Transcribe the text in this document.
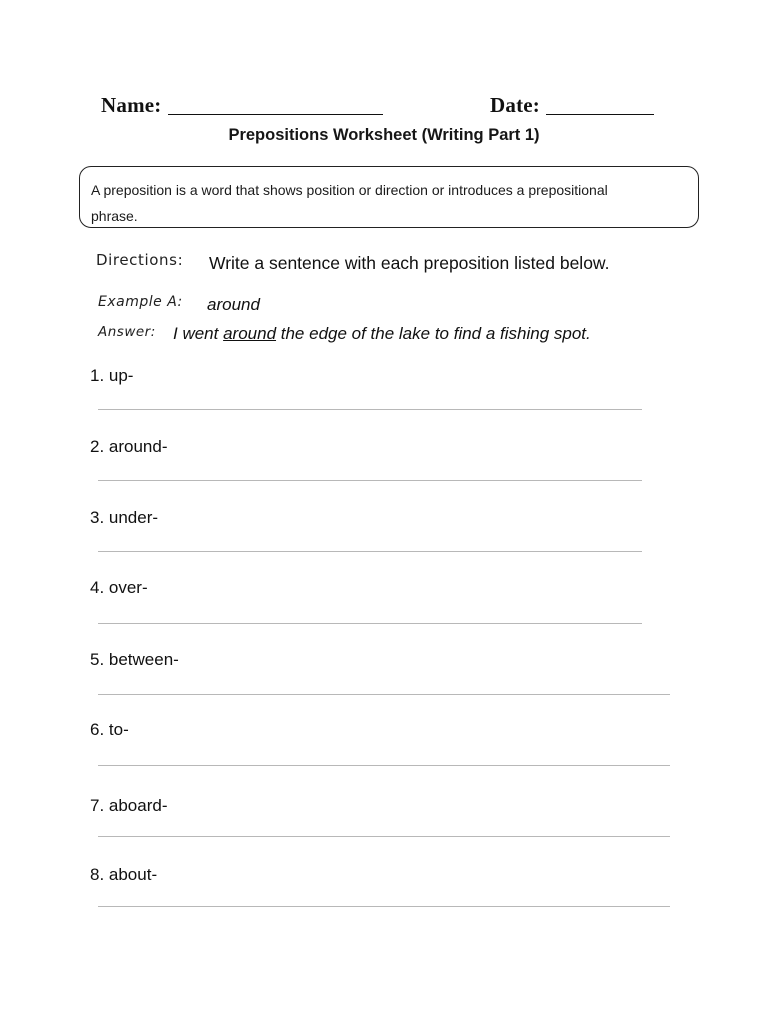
Name:	Date:
Prepositions Worksheet (Writing Part 1)
A preposition is a word that shows position or direction or introduces a prepositional phrase.
Directions: Write a sentence with each preposition listed below.
Example A: around
Answer: I went around the edge of the lake to find a fishing spot.
1. up-
2. around-
3. under-
4. over-
5. between-
6. to-
7. aboard-
8. about-
